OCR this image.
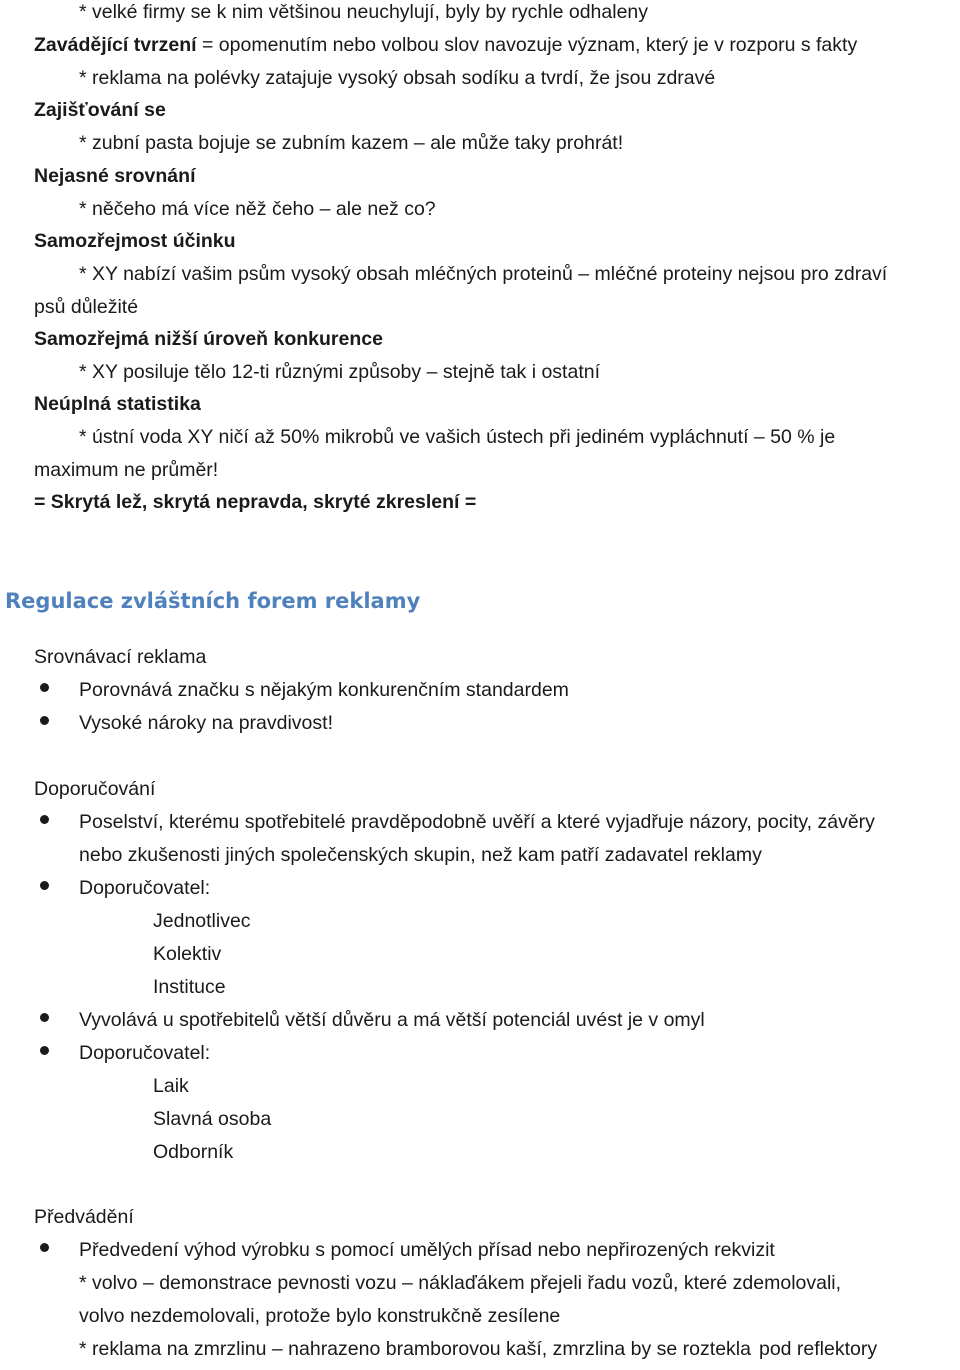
* velké firmy se k nim většinou neuchylují, byly by rychle odhaleny
Zavádějící tvrzení = opomenutím nebo volbou slov navozuje význam, který je v rozporu s fakty
* reklama na polévky zatajuje vysoký obsah sodíku a tvrdí, že jsou zdravé
Zajišťování se
* zubní pasta bojuje se zubním kazem – ale může taky prohrát!
Nejasné srovnání
* něčeho má více něž čeho – ale než co?
Samozřejmost účinku
* XY nabízí vašim psům vysoký obsah mléčných proteinů – mléčné proteiny nejsou pro zdraví
psů důležité
Samozřejmá nižší úroveň konkurence
* XY posiluje tělo 12-ti různými způsoby – stejně tak i ostatní
Neúplná statistika
* ústní voda XY ničí až 50% mikrobů ve vašich ústech při jediném vypláchnutí – 50 % je
maximum ne průměr!
= Skrytá lež, skrytá nepravda, skryté zkreslení =
Regulace zvláštních forem reklamy
Srovnávací reklama
Porovnává značku s nějakým konkurenčním standardem
Vysoké nároky na pravdivost!
Doporučování
Poselství, kterému spotřebitelé pravděpodobně uvěří a které vyjadřuje názory, pocity, závěry
nebo zkušenosti jiných společenských skupin, než kam patří zadavatel reklamy
Doporučovatel:
Jednotlivec
Kolektiv
Instituce
Vyvolává u spotřebitelů větší důvěru a má větší potenciál uvést je v omyl
Doporučovatel:
Laik
Slavná osoba
Odborník
Předvádění
Předvedení výhod výrobku s pomocí umělých přísad nebo nepřirozených rekvizit
* volvo – demonstrace pevnosti vozu – náklaďákem přejeli řadu vozů, které zdemolovali,
volvo nezdemolovali, protože bylo konstrukčně zesílene
* reklama na zmrzlinu – nahrazeno bramborovou kaší, zmrzlina by se roztekla pod reflektory
